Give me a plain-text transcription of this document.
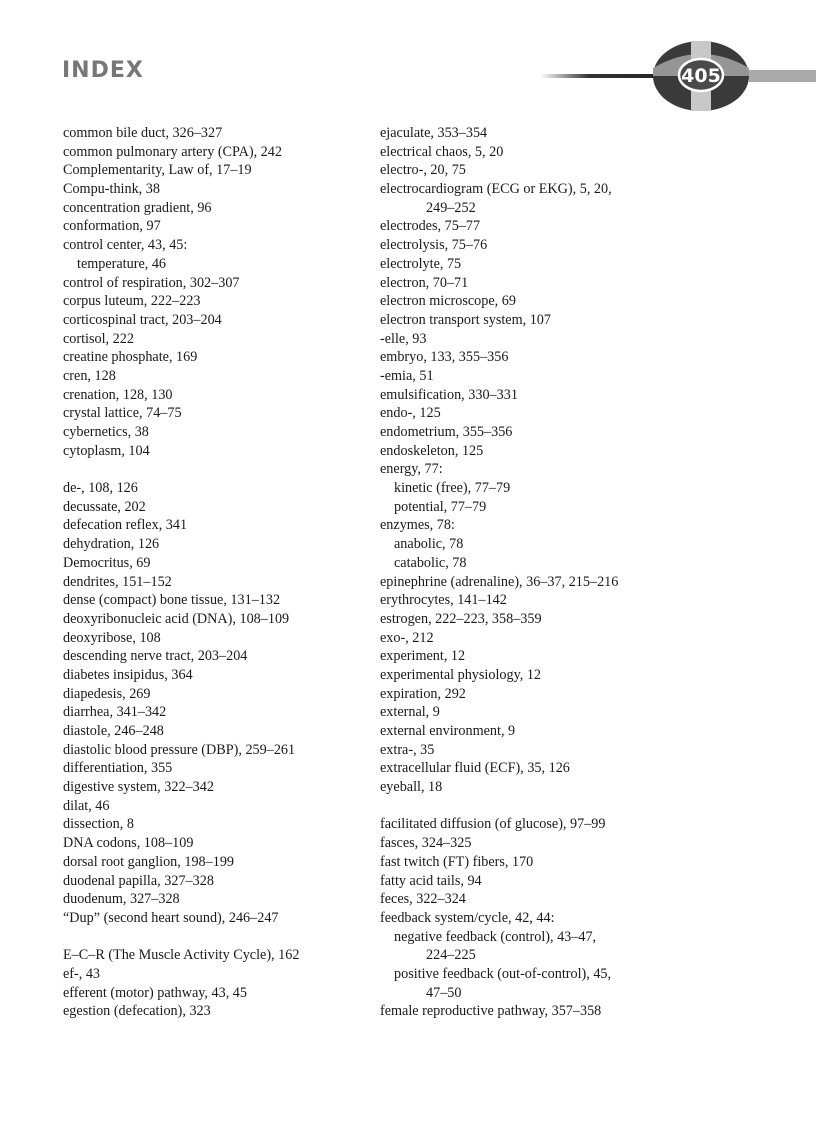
INDEX	405
common bile duct, 326–327
common pulmonary artery (CPA), 242
Complementarity, Law of, 17–19
Compu-think, 38
concentration gradient, 96
conformation, 97
control center, 43, 45:
temperature, 46
control of respiration, 302–307
corpus luteum, 222–223
corticospinal tract, 203–204
cortisol, 222
creatine phosphate, 169
cren, 128
crenation, 128, 130
crystal lattice, 74–75
cybernetics, 38
cytoplasm, 104
de-, 108, 126
decussate, 202
defecation reflex, 341
dehydration, 126
Democritus, 69
dendrites, 151–152
dense (compact) bone tissue, 131–132
deoxyribonucleic acid (DNA), 108–109
deoxyribose, 108
descending nerve tract, 203–204
diabetes insipidus, 364
diapedesis, 269
diarrhea, 341–342
diastole, 246–248
diastolic blood pressure (DBP), 259–261
differentiation, 355
digestive system, 322–342
dilat, 46
dissection, 8
DNA codons, 108–109
dorsal root ganglion, 198–199
duodenal papilla, 327–328
duodenum, 327–328
“Dup” (second heart sound), 246–247
E–C–R (The Muscle Activity Cycle), 162
ef-, 43
efferent (motor) pathway, 43, 45
egestion (defecation), 323
ejaculate, 353–354
electrical chaos, 5, 20
electro-, 20, 75
electrocardiogram (ECG or EKG), 5, 20,
249–252
electrodes, 75–77
electrolysis, 75–76
electrolyte, 75
electron, 70–71
electron microscope, 69
electron transport system, 107
-elle, 93
embryo, 133, 355–356
-emia, 51
emulsification, 330–331
endo-, 125
endometrium, 355–356
endoskeleton, 125
energy, 77:
kinetic (free), 77–79
potential, 77–79
enzymes, 78:
anabolic, 78
catabolic, 78
epinephrine (adrenaline), 36–37, 215–216
erythrocytes, 141–142
estrogen, 222–223, 358–359
exo-, 212
experiment, 12
experimental physiology, 12
expiration, 292
external, 9
external environment, 9
extra-, 35
extracellular fluid (ECF), 35, 126
eyeball, 18
facilitated diffusion (of glucose), 97–99
fasces, 324–325
fast twitch (FT) fibers, 170
fatty acid tails, 94
feces, 322–324
feedback system/cycle, 42, 44:
negative feedback (control), 43–47,
224–225
positive feedback (out-of-control), 45,
47–50
female reproductive pathway, 357–358
